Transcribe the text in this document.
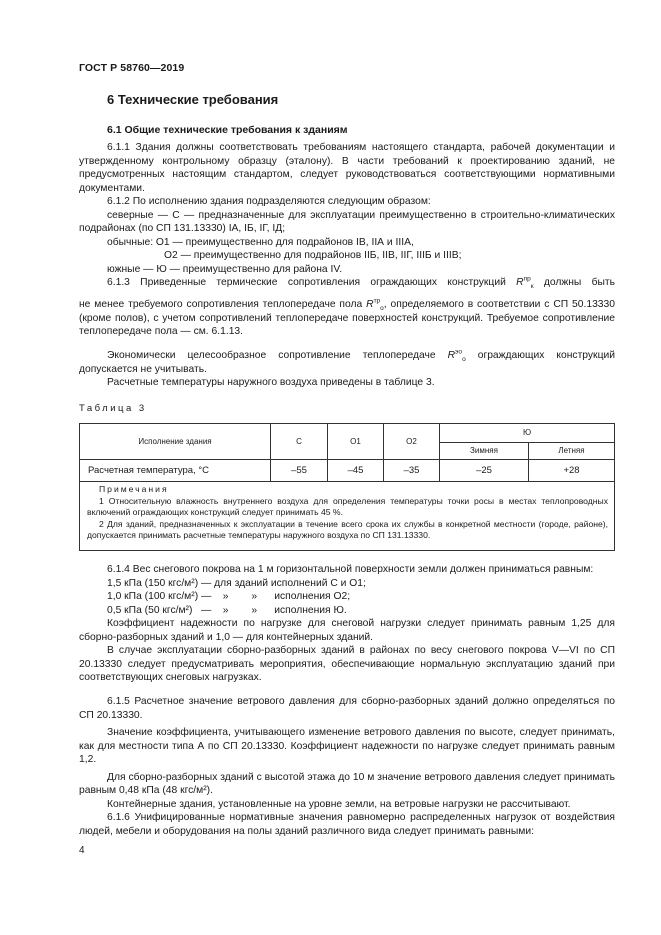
ГОСТ Р 58760—2019
6 Технические требования
6.1 Общие технические требования к зданиям
6.1.1 Здания должны соответствовать требованиям настоящего стандарта, рабочей документации и утвержденному контрольному образцу (эталону). В части требований к проектированию зданий, не предусмотренных настоящим стандартом, следует руководствоваться соответствующими нормативными документами.
6.1.2 По исполнению здания подразделяются следующим образом:
северные — С — предназначенные для эксплуатации преимущественно в строительно-климатических подрайонах (по СП 131.13330) IА, IБ, IГ, IД;
обычные: О1 — преимущественно для подрайонов IВ, IIА и IIIА,
О2 — преимущественно для подрайонов IIБ, IIВ, IIГ, IIIБ и IIIВ;
южные — Ю — преимущественно для района IV.
6.1.3 Приведенные термические сопротивления ограждающих конструкций $R^{пр}_к$ должны быть
не менее требуемого сопротивления теплопередаче пола $R^{тр}_о$, определяемого в соответствии с СП 50.13330 (кроме полов), с учетом сопротивлений теплопередаче поверхностей конструкций. Требуемое сопротивление теплопередаче пола — см. 6.1.13.
Экономически целесообразное сопротивление теплопередаче $R^{эо}_о$ ограждающих конструкций допускается не учитывать.
Расчетные температуры наружного воздуха приведены в таблице 3.
Таблица 3
Исполнение здания	С	О1	О2	Ю	
				Зимняя	Летняя
Расчетная температура, °С	–55	–45	–35	–25	+28
Примечания
1 Относительную влажность внутреннего воздуха для определения температуры точки росы в местах теплопроводных включений ограждающих конструкций следует принимать 45 %.
2 Для зданий, предназначенных к эксплуатации в течение всего срока их службы в конкретной местности (городе, районе), допускается принимать расчетные температуры наружного воздуха по СП 131.13330.
6.1.4 Вес снегового покрова на 1 м горизонтальной поверхности земли должен приниматься равным:
1,5 кПа (150 кгс/м²) — для зданий исполнений С и О1;
1,0 кПа (100 кгс/м²) —    »        »      исполнения О2;
0,5 кПа (50 кгс/м²)   —    »        »      исполнения Ю.
Коэффициент надежности по нагрузке для снеговой нагрузки следует принимать равным 1,25 для сборно-разборных зданий и 1,0 — для контейнерных зданий.
В случае эксплуатации сборно-разборных зданий в районах по весу снегового покрова V—VI по СП 20.13330 следует предусматривать мероприятия, обеспечивающие нормальную эксплуатацию зданий при соответствующих снеговых нагрузках.
6.1.5 Расчетное значение ветрового давления для сборно-разборных зданий должно определяться по СП 20.13330.
Значение коэффициента, учитывающего изменение ветрового давления по высоте, следует принимать, как для местности типа А по СП 20.13330. Коэффициент надежности по нагрузке следует принимать равным 1,2.
Для сборно-разборных зданий с высотой этажа до 10 м значение ветрового давления следует принимать равным 0,48 кПа (48 кгс/м²).
Контейнерные здания, установленные на уровне земли, на ветровые нагрузки не рассчитывают.
6.1.6 Унифицированные нормативные значения равномерно распределенных нагрузок от воздействия людей, мебели и оборудования на полы зданий различного вида следует принимать равными:
4
